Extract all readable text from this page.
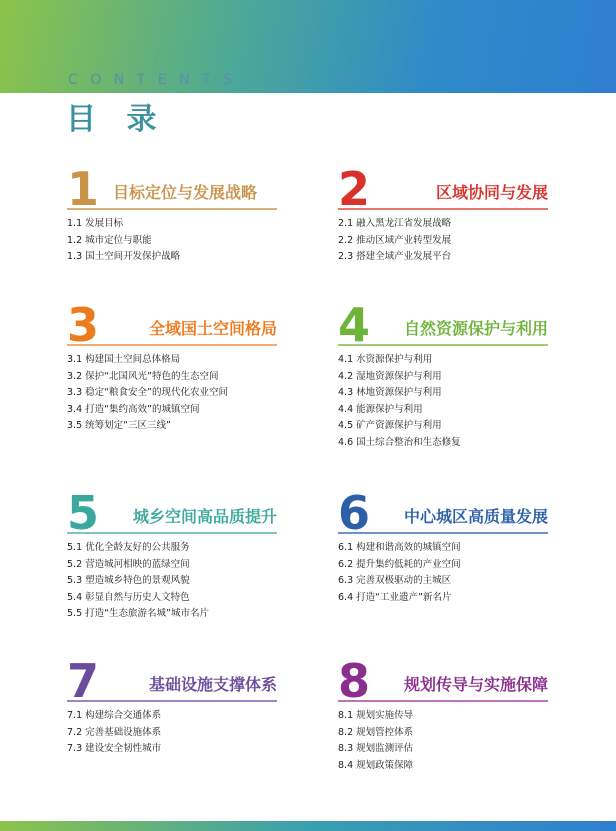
CONTENTS
目 录
1 目标定位与发展战略
1.1 发展目标
1.2 城市定位与职能
1.3 国土空间开发保护战略
2	区域协同与发展
2.1 融入黑龙江省发展战略
2.2 推动区域产业转型发展
2.3 搭建全域产业发展平台
3	全域国土空间格局
3.1 构建国土空间总体格局
3.2 保护“北国风光”特色的生态空间
3.3 稳定“粮食安全”的现代化农业空间
3.4 打造“集约高效”的城镇空间
3.5 统筹划定“三区三线”
4 自然资源保护与利用
4.1 水资源保护与利用
4.2 湿地资源保护与利用
4.3 林地资源保护与利用
4.4 能源保护与利用
4.5 矿产资源保护与利用
4.6 国土综合整治和生态修复
5 城乡空间高品质提升
5.1 优化全龄友好的公共服务
5.2 营造城河相映的蓝绿空间
5.3 塑造城乡特色的景观风貌
5.4 彰显自然与历史人文特色
5.5 打造“生态旅游名城”城市名片
6 中心城区高质量发展
6.1 构建和谐高效的城镇空间
6.2 提升集约低耗的产业空间
6.3 完善双极驱动的主城区
6.4 打造“工业遗产”新名片
7	基础设施支撑体系
7.1 构建综合交通体系
7.2 完善基础设施体系
7.3 建设安全韧性城市
8 规划传导与实施保障
8.1 规划实施传导
8.2 规划管控体系
8.3 规划监测评估
8.4 规划政策保障
